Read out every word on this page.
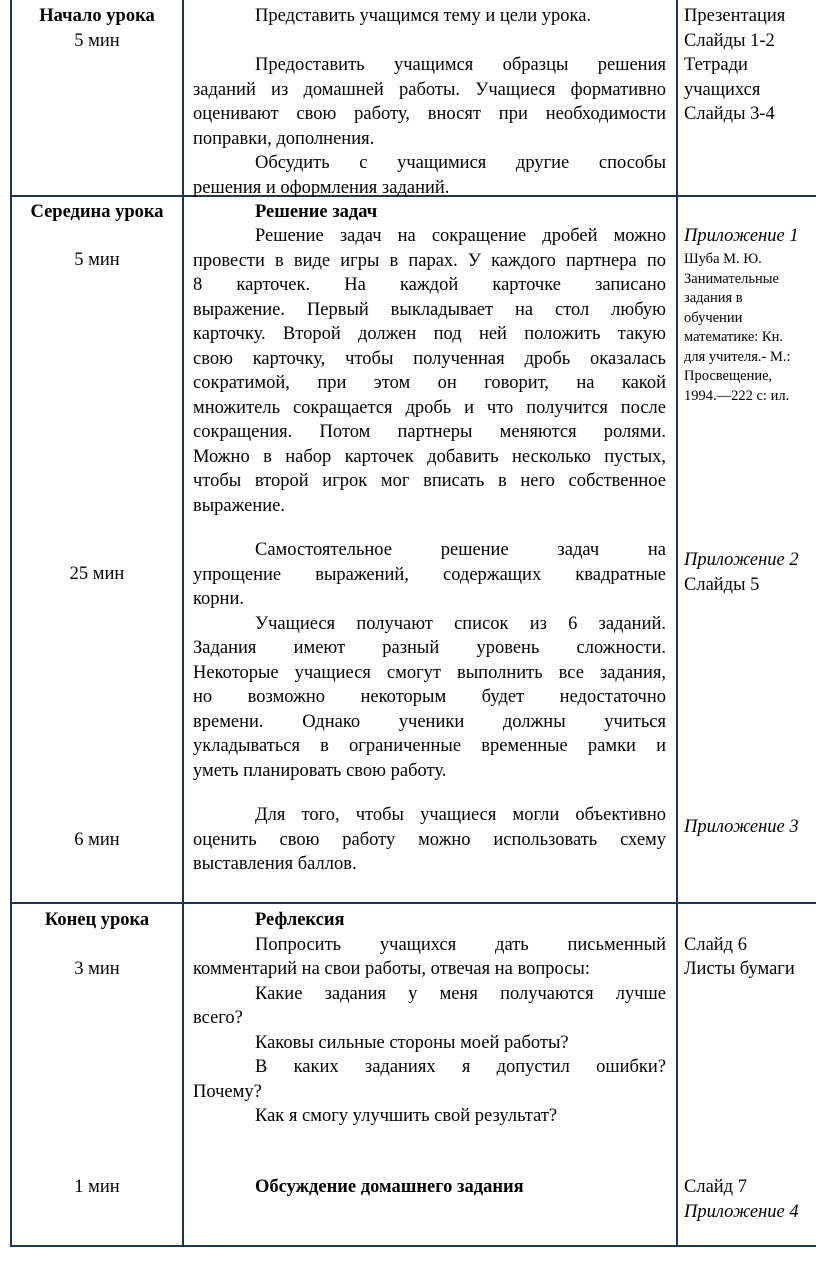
Начало урока
5 мин
Представить учащимся тему и цели урока.
Предоставить учащимся образцы решения
заданий из домашней работы. Учащиеся формативно
оценивают свою работу, вносят при необходимости
поправки, дополнения.
Обсудить с учащимися другие способы
решения и оформления заданий.
Презентация
Слайды 1-2
Тетради
учащихся
Слайды 3-4
Середина урока
5 мин
25 мин
6 мин
Решение задач
Решение задач на сокращение дробей можно
провести в виде игры в парах. У каждого партнера по
8 карточек. На каждой карточке записано
выражение. Первый выкладывает на стол любую
карточку. Второй должен под ней положить такую
свою карточку, чтобы полученная дробь оказалась
сократимой, при этом он говорит, на какой
множитель сокращается дробь и что получится после
сокращения. Потом партнеры меняются ролями.
Можно в набор карточек добавить несколько пустых,
чтобы второй игрок мог вписать в него собственное
выражение.
Самостоятельное решение задач на
упрощение выражений, содержащих квадратные
корни.
Учащиеся получают список из 6 заданий.
Задания имеют разный уровень сложности.
Некоторые учащиеся смогут выполнить все задания,
но возможно некоторым будет недостаточно
времени. Однако ученики должны учиться
укладываться в ограниченные временные рамки и
уметь планировать свою работу.
Для того, чтобы учащиеся могли объективно
оценить свою работу можно использовать схему
выставления баллов.
Приложение 1
Шуба М. Ю.
Занимательные
задания в
обучении
математике: Кн.
для учителя.- М.:
Просвещение,
1994.—222 с: ил.
Приложение 2
Слайды 5
Приложение 3
Конец урока
3 мин
1 мин
Рефлексия
Попросить учащихся дать письменный
комментарий на свои работы, отвечая на вопросы:
Какие задания у меня получаются лучше
всего?
Каковы сильные стороны моей работы?
В каких заданиях я допустил ошибки?
Почему?
Как я смогу улучшить свой результат?
Обсуждение домашнего задания
Слайд 6
Листы бумаги
Слайд 7
Приложение 4
